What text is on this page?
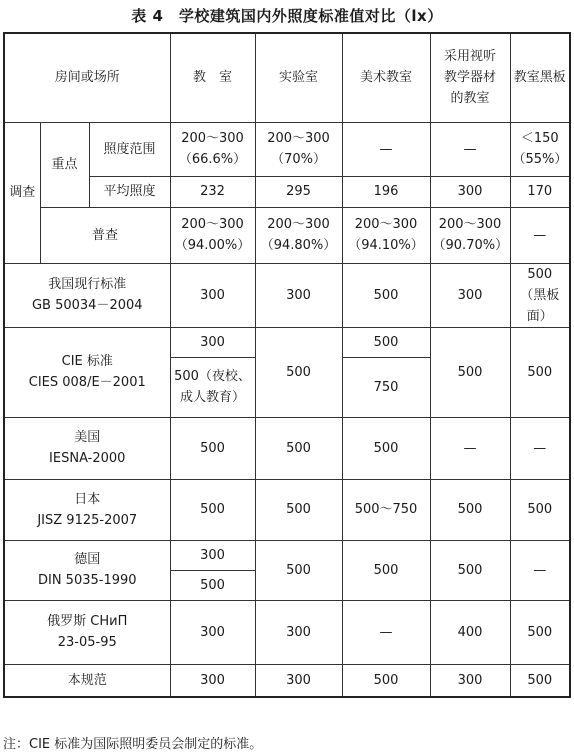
表 4　学校建筑国内外照度标准值对比（lx）
房间或场所			教　室	实验室	美术教室	采用视听
教学器材
的教室	教室黑板
调查	重点	照度范围	200～300
（66.6%）	200～300
（70%）	—	—	＜150
（55%）

		平均照度	232	295	196	300	170
	普查		200～300
（94.00%）	200～300
（94.80%）	200～300
（94.10%）	200～300
（90.70%）	—

我国现行标准
GB 50034－2004			300	300	500	300	500
（黑板面）

CIE 标准
CIES 008/E－2001			300	500	500	500	500

			500（夜校、
成人教育）		750		

美国
IESNA-2000			500	500	500	—	—

日本
JISZ 9125-2007			500	500	500～750	500	500

德国
DIN 5035-1990			300	500	500	500	—
			500				

俄罗斯 СНиП
23-05-95			300	300	—	400	500
本规范			300	300	500	300	500
注：CIE 标准为国际照明委员会制定的标准。
